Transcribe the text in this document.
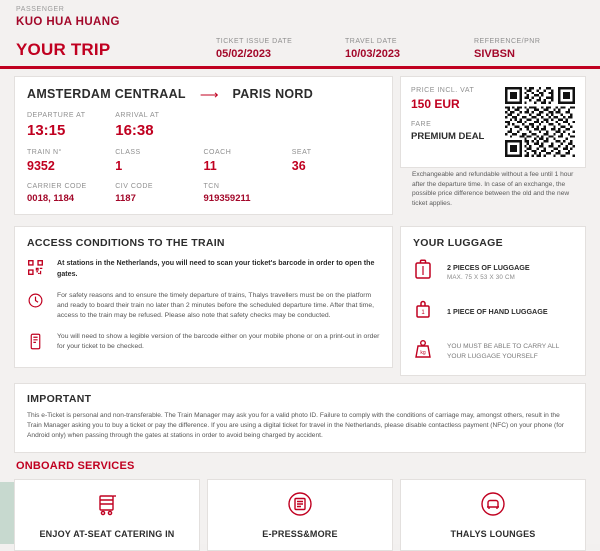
PASSENGER
KUO HUA HUANG
YOUR TRIP	TICKET ISSUE DATE
05/02/2023
TRAVEL DATE
10/03/2023
REFERENCE/PNR
SIVBSN
AMSTERDAM CENTRAAL ⟶ PARIS NORD
DEPARTURE AT
13:15
ARRIVAL AT
16:38
TRAIN N°
9352
CLASS
1
COACH
11
SEAT
36
CARRIER CODE
0018, 1184
CIV CODE
1187
TCN
919359211
PRICE INCL. VAT
150 EUR
FARE
PREMIUM DEAL
Exchangeable and refundable without a fee until 1 hour after the departure time. In case of an exchange, the possible price difference between the old and the new ticket applies.
ACCESS CONDITIONS TO THE TRAIN
At stations in the Netherlands, you will need to scan your ticket's barcode in order to open the gates.
For safety reasons and to ensure the timely departure of trains, Thalys travellers must be on the platform and ready to board their train no later than 2 minutes before the scheduled departure time. After that time, access to the train may be refused. Please also note that safety checks may be conducted.
You will need to show a legible version of the barcode either on your mobile phone or on a print-out in order for your ticket to be checked.
YOUR LUGGAGE
2 PIECES OF LUGGAGE
MAX. 75 X 53 X 30 CM
1	1 PIECE OF HAND LUGGAGE
kg
YOU MUST BE ABLE TO CARRY ALL YOUR LUGGAGE YOURSELF
IMPORTANT
This e-Ticket is personal and non-transferable. The Train Manager may ask you for a valid photo ID. Failure to comply with the conditions of carriage may, amongst others, result in the Train Manager asking you to buy a ticket or pay the difference. If you are using a digital ticket for travel in the Netherlands, please disable contactless payment (NFC) on your phone (for Android only) when passing through the gates at stations in order to avoid being charged by accident.
ONBOARD SERVICES
ENJOY AT-SEAT CATERING IN	E-PRESS&MORE	THALYS LOUNGES
